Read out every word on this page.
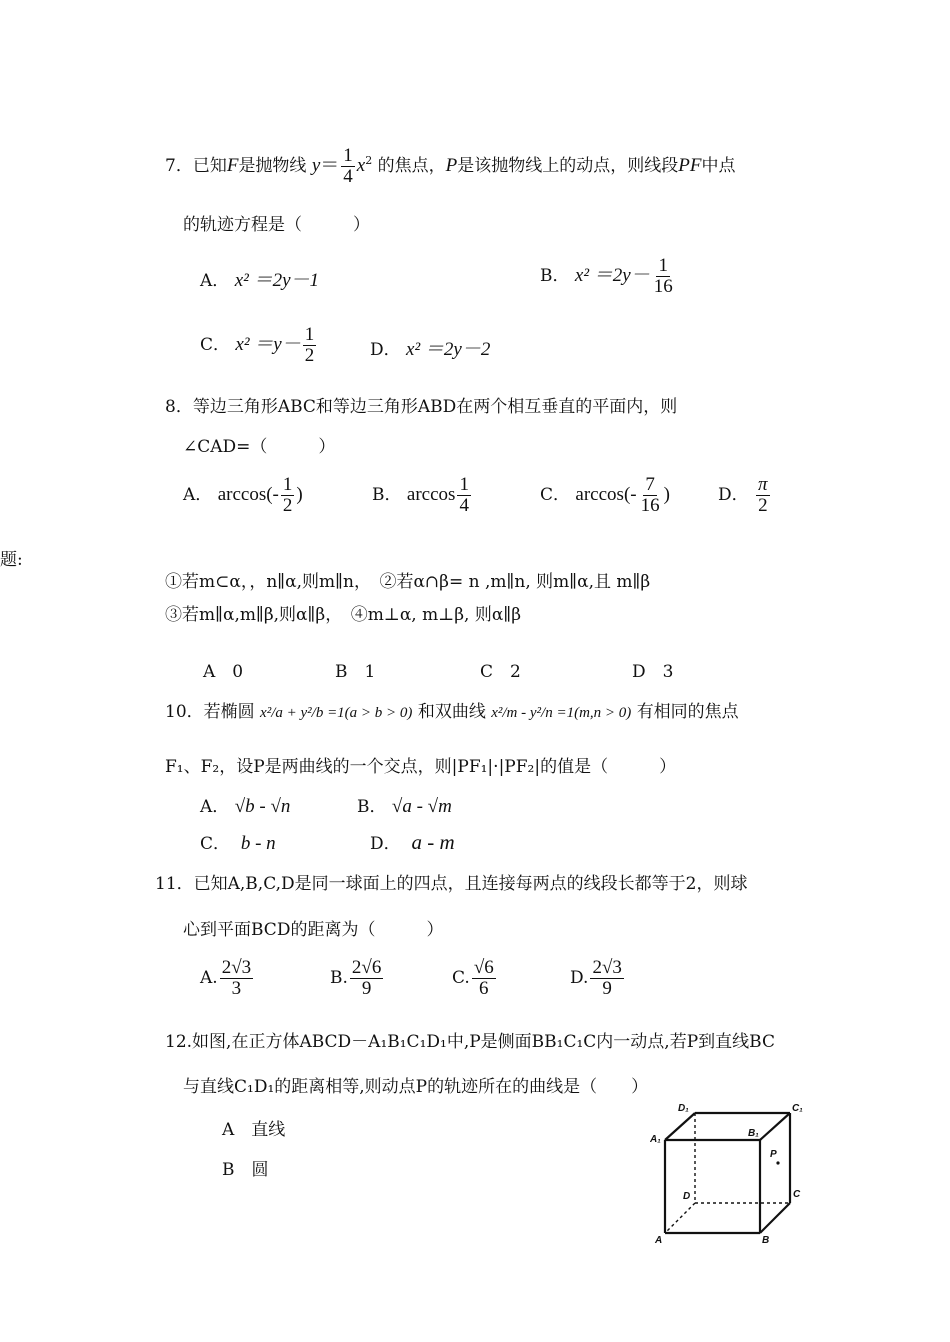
7．已知F是抛物线 $y= \frac{1}{4} x^2$ 的焦点，P是该抛物线上的动点，则线段PF中点
的轨迹方程是（　　　）
A． x² ＝2y－1	B． $x^2 =2y- \frac{1}{16}$
C． $x^2 =y- \frac{1}{2}$	D． x² ＝2y－2
8．等边三角形ABC和等边三角形ABD在两个相互垂直的平面内，则
∠CAD=（　　　）
A． $\arccos(- \frac{1}{2}$ )	B． $\arccos \frac{1}{4}$	C． $\arccos(- \frac{7}{16}$ )	D． $\frac{\pi}{2}$
题:
①若m⊂α，，n∥α,则m∥n，　②若α∩β= n ,m∥n, 则m∥α,且 m∥β
③若m∥α,m∥β,则α∥β，　④m⊥α, m⊥β, 则α∥β
A　0	B　1	C　2	D　3
10．若椭圆 x²/a + y²/b =1(a > b > 0) 和双曲线 x²/m - y²/n =1(m,n > 0) 有相同的焦点
F₁、F₂，设P是两曲线的一个交点，则|PF₁|·|PF₂|的值是（　　　）
A． √b - √n	B． √a - √m
C． b - n	D． a - m
11．已知A,B,C,D是同一球面上的四点，且连接每两点的线段长都等于2，则球
心到平面BCD的距离为（　　　）
A. $\frac{2√3}{3}$	B. $\frac{2√6}{9}$	C. $\frac{√6}{6}$	D. $\frac{2√3}{9}$
12.如图,在正方体ABCD－A₁B₁C₁D₁中,P是侧面BB₁C₁C内一动点,若P到直线BC
与直线C₁D₁的距离相等,则动点P的轨迹所在的曲线是（　　）
A　直线
B　圆
D₁	C₁
A₁
B₁
P
D	C
A	B
